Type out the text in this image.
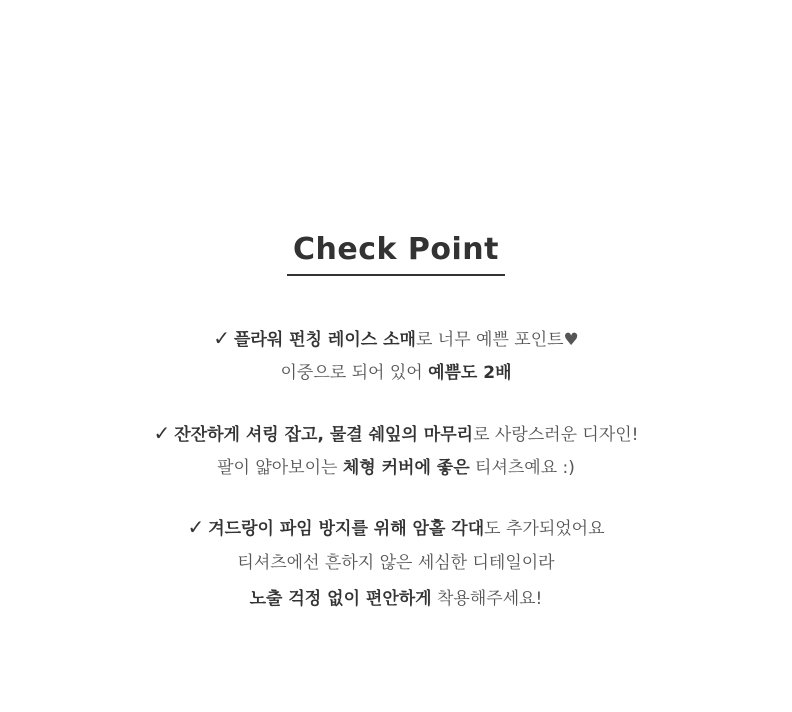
Check Point
✓ 플라워 펀칭 레이스 소매로 너무 예쁜 포인트♥
이중으로 되어 있어 예쁨도 2배
✓ 잔잔하게 셔링 잡고, 물결 쉐잎의 마무리로 사랑스러운 디자인!
팔이 얇아보이는 체형 커버에 좋은 티셔츠예요 :)
✓ 겨드랑이 파임 방지를 위해 암홀 각대도 추가되었어요
티셔츠에선 흔하지 않은 세심한 디테일이라
노출 걱정 없이 편안하게 착용해주세요!
